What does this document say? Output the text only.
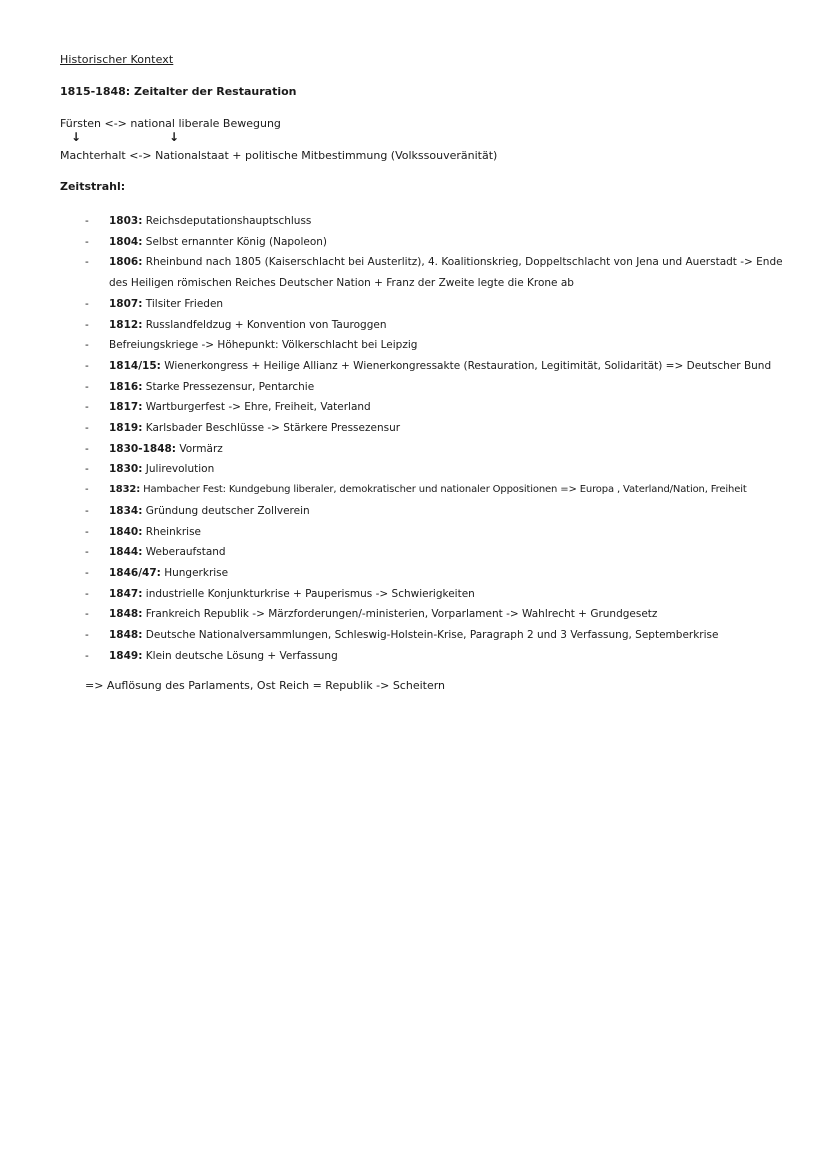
Historischer Kontext
1815-1848: Zeitalter der Restauration
Fürsten <-> national liberale Bewegung
↓	↓
Machterhalt <-> Nationalstaat + politische Mitbestimmung (Volkssouveränität)
Zeitstrahl:
- 1803: Reichsdeputationshauptschluss
- 1804: Selbst ernannter König (Napoleon)
- 1806: Rheinbund nach 1805 (Kaiserschlacht bei Austerlitz), 4. Koalitionskrieg, Doppeltschlacht von Jena und Auerstadt -> Ende des Heiligen römischen Reiches Deutscher Nation + Franz der Zweite legte die Krone ab
- 1807: Tilsiter Frieden
- 1812: Russlandfeldzug + Konvention von Tauroggen
- Befreiungskriege -> Höhepunkt: Völkerschlacht bei Leipzig
- 1814/15: Wienerkongress + Heilige Allianz + Wienerkongressakte (Restauration, Legitimität, Solidarität) => Deutscher Bund
- 1816: Starke Pressezensur, Pentarchie
- 1817: Wartburgerfest -> Ehre, Freiheit, Vaterland
- 1819: Karlsbader Beschlüsse -> Stärkere Pressezensur
- 1830-1848: Vormärz
- 1830: Julirevolution
- 1832: Hambacher Fest: Kundgebung liberaler, demokratischer und nationaler Oppositionen => Europa , Vaterland/Nation, Freiheit
- 1834: Gründung deutscher Zollverein
- 1840: Rheinkrise
- 1844: Weberaufstand
- 1846/47: Hungerkrise
- 1847: industrielle Konjunkturkrise + Pauperismus -> Schwierigkeiten
- 1848: Frankreich Republik -> Märzforderungen/-ministerien, Vorparlament -> Wahlrecht + Grundgesetz
- 1848: Deutsche Nationalversammlungen, Schleswig-Holstein-Krise, Paragraph 2 und 3 Verfassung, Septemberkrise
- 1849: Klein deutsche Lösung + Verfassung
=> Auflösung des Parlaments, Ost Reich = Republik -> Scheitern
